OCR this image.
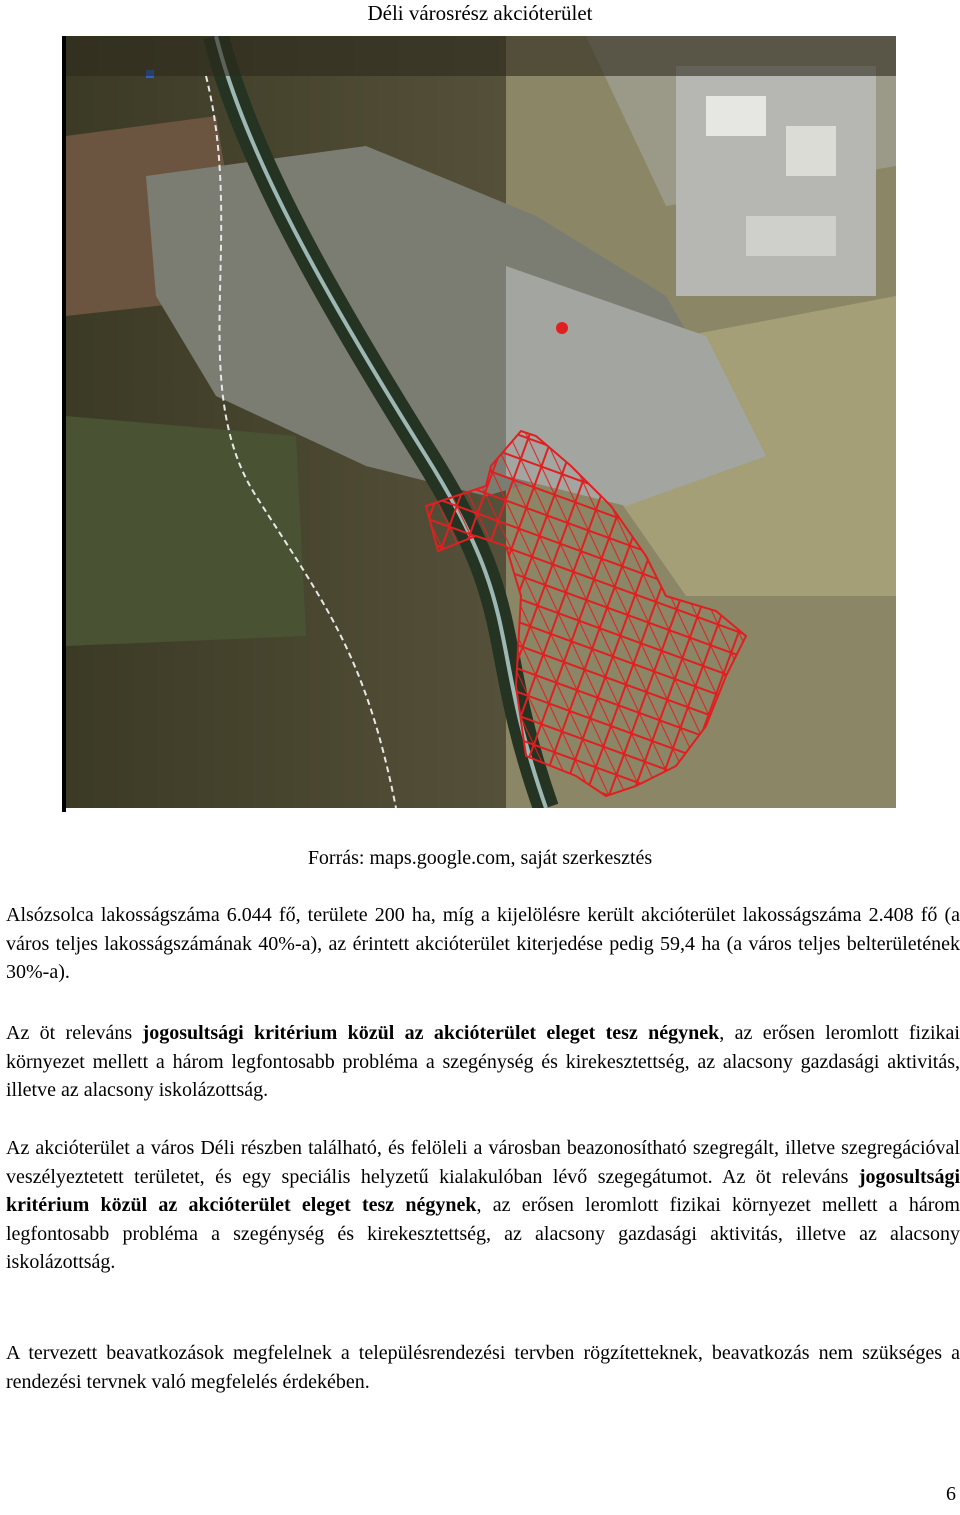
Déli városrész akcióterület
Forrás: maps.google.com, saját szerkesztés

Alsózsolca lakosságszáma 6.044 fő, területe 200 ha, míg a kijelölésre került akcióterület lakosságszáma 2.408 fő (a város teljes lakosságszámának 40%-a), az érintett akcióterület kiterjedése pedig 59,4 ha (a város teljes belterületének 30%-a).

Az öt releváns jogosultsági kritérium közül az akcióterület eleget tesz négynek, az erősen leromlott fizikai környezet mellett a három legfontosabb probléma a szegénység és kirekesztettség, az alacsony gazdasági aktivitás, illetve az alacsony iskolázottság.

Az akcióterület a város Déli részben található, és felöleli a városban beazonosítható szegregált, illetve szegregációval veszélyeztetett területet, és egy speciális helyzetű kialakulóban lévő szegegátumot. Az öt releváns jogosultsági kritérium közül az akcióterület eleget tesz négynek, az erősen leromlott fizikai környezet mellett a három legfontosabb probléma a szegénység és kirekesztettség, az alacsony gazdasági aktivitás, illetve az alacsony iskolázottság.

A tervezett beavatkozások megfelelnek a településrendezési tervben rögzítetteknek, beavatkozás nem szükséges a rendezési tervnek való megfelelés érdekében.

6
